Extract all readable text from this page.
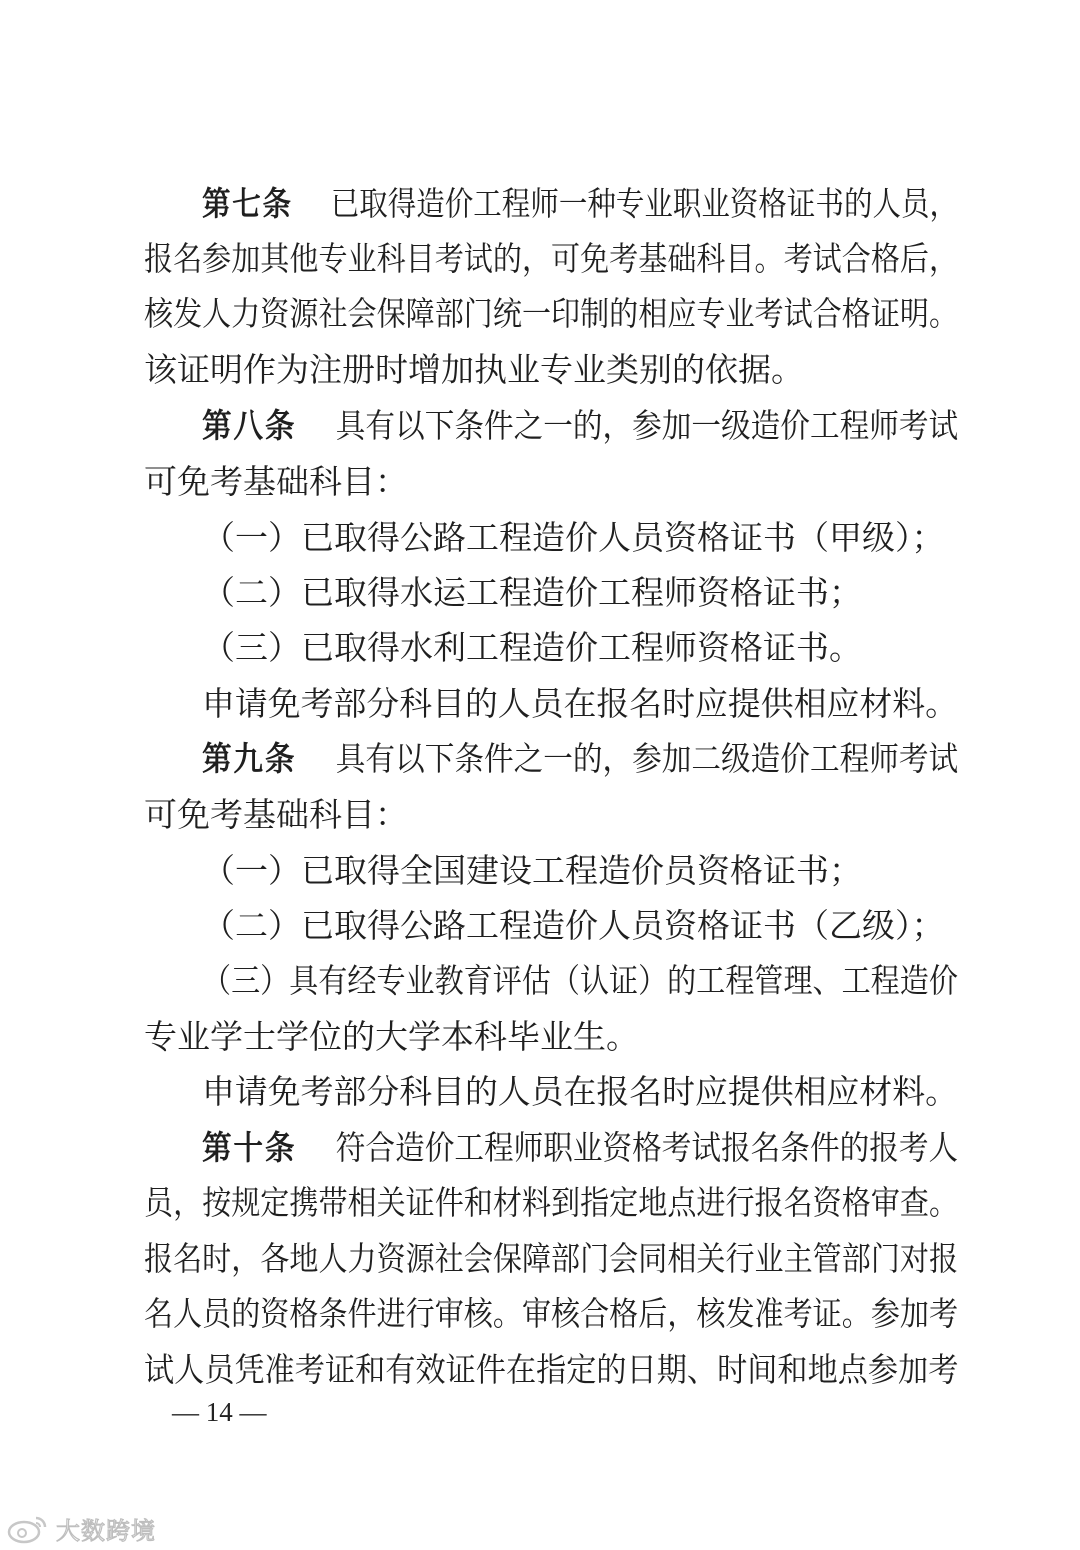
第七条 已取得造价工程师一种专业职业资格证书的人员，

报名参加其他专业科目考试的，可免考基础科目。考试合格后，

核发人力资源社会保障部门统一印制的相应专业考试合格证明。

该证明作为注册时增加执业专业类别的依据。

第八条 具有以下条件之一的，参加一级造价工程师考试

可免考基础科目：

（一）已取得公路工程造价人员资格证书（甲级）；

（二）已取得水运工程造价工程师资格证书；

（三）已取得水利工程造价工程师资格证书。

申请免考部分科目的人员在报名时应提供相应材料。

第九条 具有以下条件之一的，参加二级造价工程师考试

可免考基础科目：

（一）已取得全国建设工程造价员资格证书；

（二）已取得公路工程造价人员资格证书（乙级）；

（三）具有经专业教育评估（认证）的工程管理、工程造价

专业学士学位的大学本科毕业生。

申请免考部分科目的人员在报名时应提供相应材料。

第十条 符合造价工程师职业资格考试报名条件的报考人

员，按规定携带相关证件和材料到指定地点进行报名资格审查。

报名时，各地人力资源社会保障部门会同相关行业主管部门对报

名人员的资格条件进行审核。审核合格后，核发准考证。参加考

试人员凭准考证和有效证件在指定的日期、时间和地点参加考

— 14 —
大数跨境
